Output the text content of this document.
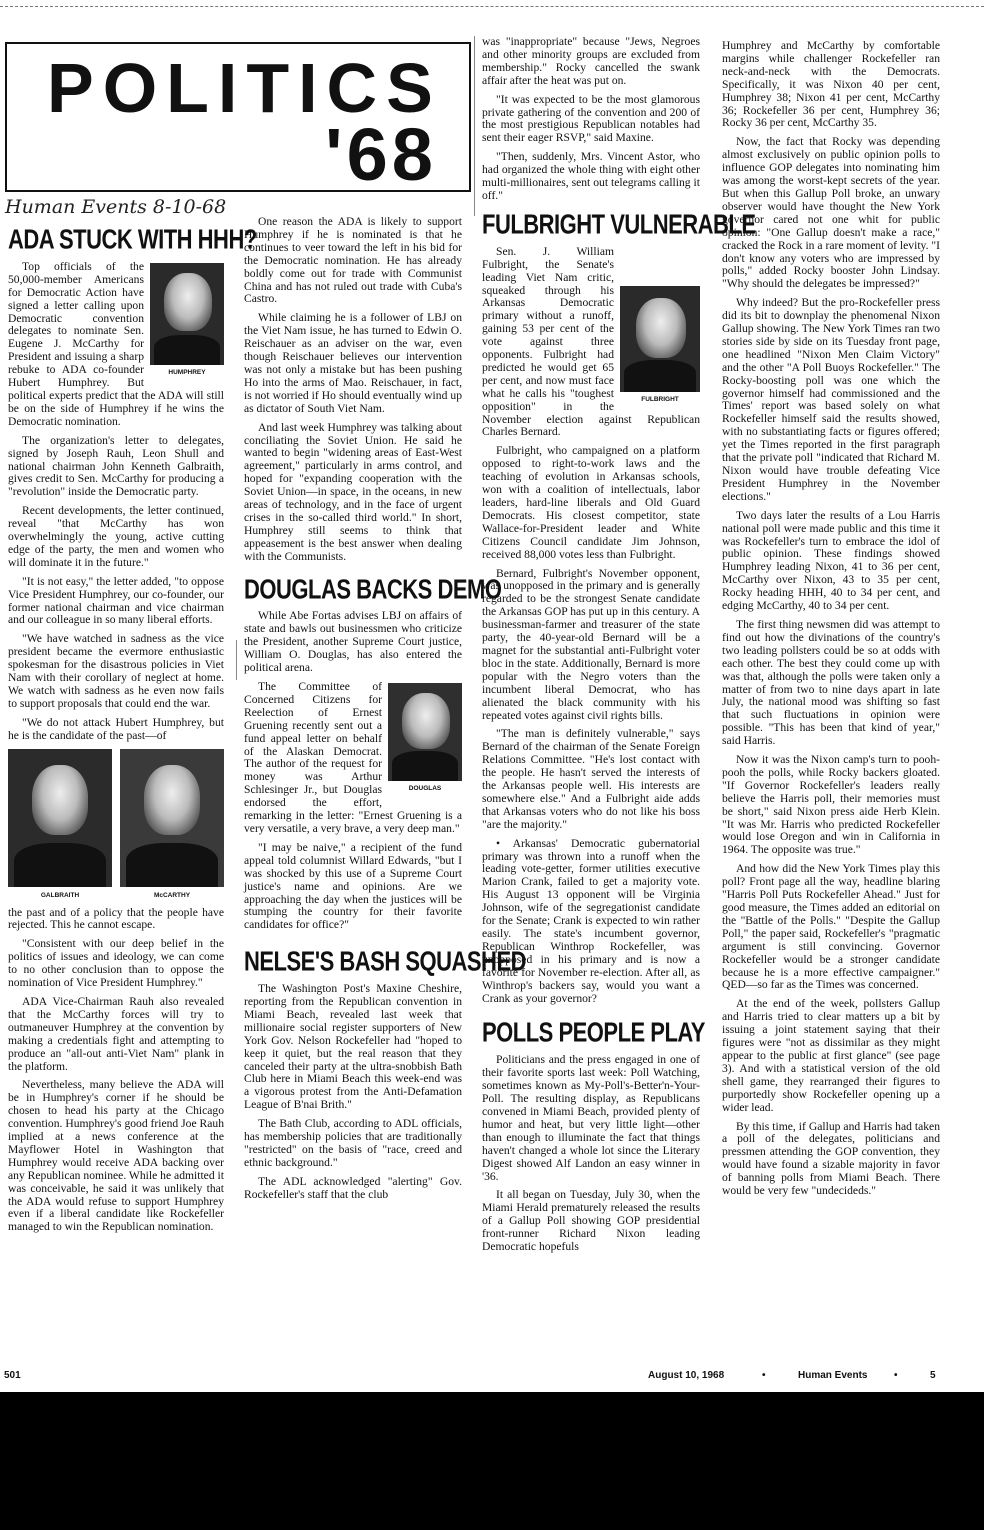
POLITICS
'68
Human Events 8-10-68
ADA STUCK WITH HHH?
HUMPHREY

Top officials of the 50,000-member Americans for Democratic Action have signed a letter calling upon Democratic convention delegates to nominate Sen. Eugene J. McCarthy for President and issuing a sharp rebuke to ADA co-founder Hubert Humphrey. But political experts predict that the ADA will still be on the side of Humphrey if he wins the Democratic nomination.

The organization's letter to delegates, signed by Joseph Rauh, Leon Shull and national chairman John Kenneth Galbraith, gives credit to Sen. McCarthy for producing a "revolution" inside the Democratic party.

Recent developments, the letter continued, reveal "that McCarthy has won overwhelmingly the young, active cutting edge of the party, the men and women who will dominate it in the future."

"It is not easy," the letter added, "to oppose Vice President Humphrey, our co-founder, our former national chairman and vice chairman and our colleague in so many liberal efforts.

"We have watched in sadness as the vice president became the evermore enthusiastic spokesman for the disastrous policies in Viet Nam with their corollary of neglect at home. We watch with sadness as he even now fails to support proposals that could end the war.

"We do not attack Hubert Humphrey, but he is the candidate of the past—of

GALBRAITH	McCARTHY

the past and of a policy that the people have rejected. This he cannot escape.

"Consistent with our deep belief in the politics of issues and ideology, we can come to no other conclusion than to oppose the nomination of Vice President Humphrey."

ADA Vice-Chairman Rauh also revealed that the McCarthy forces will try to outmaneuver Humphrey at the convention by making a credentials fight and attempting to produce an "all-out anti-Viet Nam" plank in the platform.

Nevertheless, many believe the ADA will be in Humphrey's corner if he should be chosen to head his party at the Chicago convention. Humphrey's good friend Joe Rauh implied at a news conference at the Mayflower Hotel in Washington that Humphrey would receive ADA backing over any Republican nominee. While he admitted it was conceivable, he said it was unlikely that the ADA would refuse to support Humphrey even if a liberal candidate like Rockefeller managed to win the Republican nomination.

One reason the ADA is likely to support Humphrey if he is nominated is that he continues to veer toward the left in his bid for the Democratic nomination. He has already boldly come out for trade with Communist China and has not ruled out trade with Cuba's Castro.

While claiming he is a follower of LBJ on the Viet Nam issue, he has turned to Edwin O. Reischauer as an adviser on the war, even though Reischauer believes our intervention was not only a mistake but has been pushing Ho into the arms of Mao. Reischauer, in fact, is not worried if Ho should eventually wind up as dictator of South Viet Nam.

And last week Humphrey was talking about conciliating the Soviet Union. He said he wanted to begin "widening areas of East-West agreement," particularly in arms control, and hoped for "expanding cooperation with the Soviet Union—in space, in the oceans, in new areas of technology, and in the face of urgent crises in the so-called third world." In short, Humphrey still seems to think that appeasement is the best answer when dealing with the Communists.

DOUGLAS BACKS DEMO

While Abe Fortas advises LBJ on affairs of state and bawls out businessmen who criticize the President, another Supreme Court justice, William O. Douglas, has also entered the political arena.

DOUGLAS

The Committee of Concerned Citizens for Reelection of Ernest Gruening recently sent out a fund appeal letter on behalf of the Alaskan Democrat. The author of the request for money was Arthur Schlesinger Jr., but Douglas endorsed the effort, remarking in the letter: "Ernest Gruening is a very versatile, a very brave, a very deep man."

"I may be naive," a recipient of the fund appeal told columnist Willard Edwards, "but I was shocked by this use of a Supreme Court justice's name and opinions. Are we approaching the day when the justices will be stumping the country for their favorite candidates for office?"

NELSE'S BASH SQUASHED

The Washington Post's Maxine Cheshire, reporting from the Republican convention in Miami Beach, revealed last week that millionaire social register supporters of New York Gov. Nelson Rockefeller had "hoped to keep it quiet, but the real reason that they canceled their party at the ultra-snobbish Bath Club here in Miami Beach this week-end was a vigorous protest from the Anti-Defamation League of B'nai Brith."

The Bath Club, according to ADL officials, has membership policies that are traditionally "restricted" on the basis of "race, creed and ethnic background."

The ADL acknowledged "alerting" Gov. Rockefeller's staff that the club

was "inappropriate" because "Jews, Negroes and other minority groups are excluded from membership." Rocky cancelled the swank affair after the heat was put on.

"It was expected to be the most glamorous private gathering of the convention and 200 of the most prestigious Republican notables had sent their eager RSVP," said Maxine.

"Then, suddenly, Mrs. Vincent Astor, who had organized the whole thing with eight other multi-millionaires, sent out telegrams calling it off."

FULBRIGHT VULNERABLE
FULBRIGHT

Sen. J. William Fulbright, the Senate's leading Viet Nam critic, squeaked through his Arkansas Democratic primary without a runoff, gaining 53 per cent of the vote against three opponents. Fulbright had predicted he would get 65 per cent, and now must face what he calls his "toughest opposition" in the November election against Republican Charles Bernard.

Fulbright, who campaigned on a platform opposed to right-to-work laws and the teaching of evolution in Arkansas schools, won with a coalition of intellectuals, labor leaders, hard-line liberals and Old Guard Democrats. His closest competitor, state Wallace-for-President leader and White Citizens Council candidate Jim Johnson, received 88,000 votes less than Fulbright.

Bernard, Fulbright's November opponent, was unopposed in the primary and is generally regarded to be the strongest Senate candidate the Arkansas GOP has put up in this century. A businessman-farmer and treasurer of the state party, the 40-year-old Bernard will be a magnet for the substantial anti-Fulbright voter bloc in the state. Additionally, Bernard is more popular with the Negro voters than the incumbent liberal Democrat, who has alienated the black community with his repeated votes against civil rights bills.

"The man is definitely vulnerable," says Bernard of the chairman of the Senate Foreign Relations Committee. "He's lost contact with the people. He hasn't served the interests of the Arkansas people well. His interests are somewhere else." And a Fulbright aide adds that Arkansas voters who do not like his boss "are the majority."

• Arkansas' Democratic gubernatorial primary was thrown into a runoff when the leading vote-getter, former utilities executive Marion Crank, failed to get a majority vote. His August 13 opponent will be Virginia Johnson, wife of the segregationist candidate for the Senate; Crank is expected to win rather easily. The state's incumbent governor, Republican Winthrop Rockefeller, was unopposed in his primary and is now a favorite for November re-election. After all, as Winthrop's backers say, would you want a Crank as your governor?

POLLS PEOPLE PLAY

Politicians and the press engaged in one of their favorite sports last week: Poll Watching, sometimes known as My-Poll's-Better'n-Your-Poll. The resulting display, as Republicans convened in Miami Beach, provided plenty of humor and heat, but very little light—other than enough to illuminate the fact that things haven't changed a whole lot since the Literary Digest showed Alf Landon an easy winner in '36.

It all began on Tuesday, July 30, when the Miami Herald prematurely released the results of a Gallup Poll showing GOP presidential front-runner Richard Nixon leading Democratic hopefuls

Humphrey and McCarthy by comfortable margins while challenger Rockefeller ran neck-and-neck with the Democrats. Specifically, it was Nixon 40 per cent, Humphrey 38; Nixon 41 per cent, McCarthy 36; Rockefeller 36 per cent, Humphrey 36; Rocky 36 per cent, McCarthy 35.

Now, the fact that Rocky was depending almost exclusively on public opinion polls to influence GOP delegates into nominating him was among the worst-kept secrets of the year. But when this Gallup Poll broke, an unwary observer would have thought the New York governor cared not one whit for public opinion: "One Gallup doesn't make a race," cracked the Rock in a rare moment of levity. "I don't know any voters who are impressed by polls," added Rocky booster John Lindsay. "Why should the delegates be impressed?"

Why indeed? But the pro-Rockefeller press did its bit to downplay the phenomenal Nixon Gallup showing. The New York Times ran two stories side by side on its Tuesday front page, one headlined "Nixon Men Claim Victory" and the other "A Poll Buoys Rockefeller." The Rocky-boosting poll was one which the governor himself had commissioned and the Times' report was based solely on what Rockefeller himself said the results showed, with no substantiating facts or figures offered; yet the Times reported in the first paragraph that the private poll "indicated that Richard M. Nixon would have trouble defeating Vice President Humphrey in the November elections."

Two days later the results of a Lou Harris national poll were made public and this time it was Rockefeller's turn to embrace the idol of public opinion. These findings showed Humphrey leading Nixon, 41 to 36 per cent, McCarthy over Nixon, 43 to 35 per cent, Rocky heading HHH, 40 to 34 per cent, and edging McCarthy, 40 to 34 per cent.

The first thing newsmen did was attempt to find out how the divinations of the country's two leading pollsters could be so at odds with each other. The best they could come up with was that, although the polls were taken only a matter of from two to nine days apart in late July, the national mood was shifting so fast that such fluctuations in opinion were possible. "This has been that kind of year," said Harris.

Now it was the Nixon camp's turn to pooh-pooh the polls, while Rocky backers gloated. "If Governor Rockefeller's leaders really believe the Harris poll, their memories must be short," said Nixon press aide Herb Klein. "It was Mr. Harris who predicted Rockefeller would lose Oregon and win in California in 1964. The opposite was true."

And how did the New York Times play this poll? Front page all the way, headline blaring "Harris Poll Puts Rockefeller Ahead." Just for good measure, the Times added an editorial on the "Battle of the Polls." "Despite the Gallup Poll," the paper said, Rockefeller's "pragmatic argument is still convincing. Governor Rockefeller would be a stronger candidate because he is a more effective campaigner." QED—so far as the Times was concerned.

At the end of the week, pollsters Gallup and Harris tried to clear matters up a bit by issuing a joint statement saying that their figures were "not as dissimilar as they might appear to the public at first glance" (see page 3). And with a statistical version of the old shell game, they rearranged their figures to purportedly show Rockefeller opening up a wider lead.

By this time, if Gallup and Harris had taken a poll of the delegates, politicians and pressmen attending the GOP convention, they would have found a sizable majority in favor of banning polls from Miami Beach. There would be very few "undecideds."

501	August 10, 1968	•	Human Events	•	5
